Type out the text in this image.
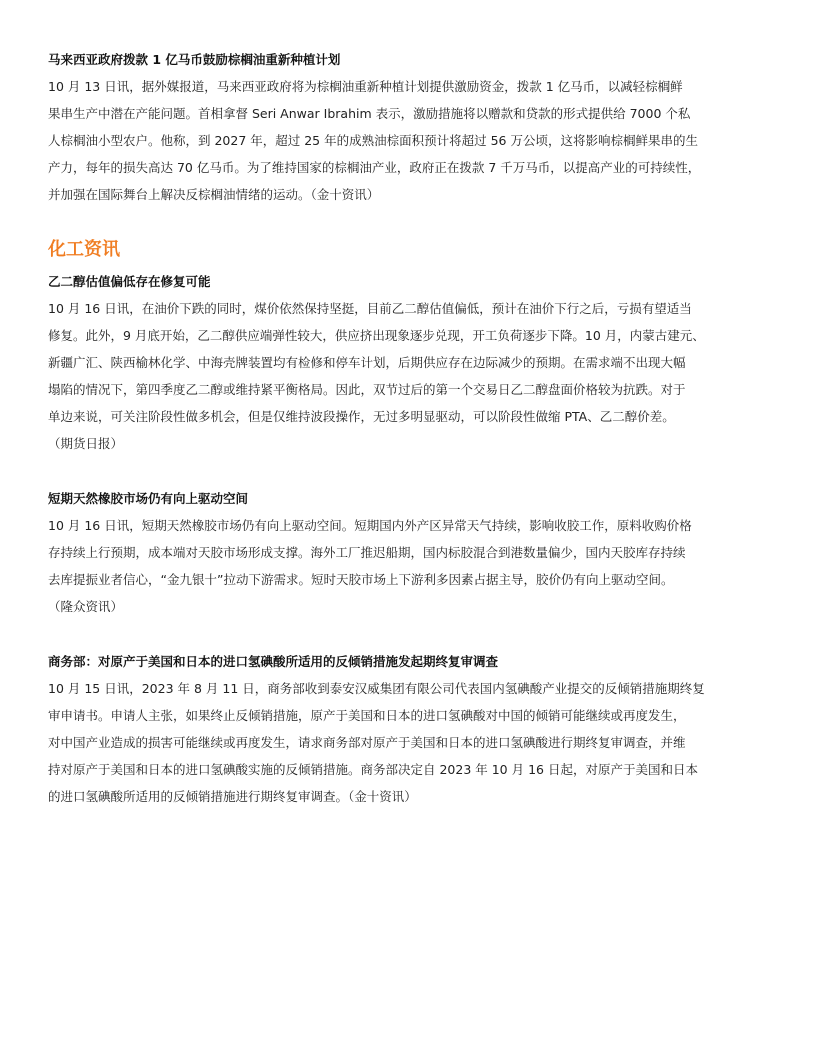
马来西亚政府拨款 1 亿马币鼓励棕榈油重新种植计划
10 月 13 日讯，据外媒报道，马来西亚政府将为棕榈油重新种植计划提供激励资金，拨款 1 亿马币，以减轻棕榈鲜
果串生产中潜在产能问题。首相拿督 Seri Anwar Ibrahim 表示，激励措施将以赠款和贷款的形式提供给 7000 个私
人棕榈油小型农户。他称，到 2027 年，超过 25 年的成熟油棕面积预计将超过 56 万公顷，这将影响棕榈鲜果串的生
产力，每年的损失高达 70 亿马币。为了维持国家的棕榈油产业，政府正在拨款 7 千万马币，以提高产业的可持续性，
并加强在国际舞台上解决反棕榈油情绪的运动。（金十资讯）
化工资讯
乙二醇估值偏低存在修复可能
10 月 16 日讯，在油价下跌的同时，煤价依然保持坚挺，目前乙二醇估值偏低，预计在油价下行之后，亏损有望适当
修复。此外，9 月底开始，乙二醇供应端弹性较大，供应挤出现象逐步兑现，开工负荷逐步下降。10 月，内蒙古建元、
新疆广汇、陕西榆林化学、中海壳牌装置均有检修和停车计划，后期供应存在边际减少的预期。在需求端不出现大幅
塌陷的情况下，第四季度乙二醇或维持紧平衡格局。因此，双节过后的第一个交易日乙二醇盘面价格较为抗跌。对于
单边来说，可关注阶段性做多机会，但是仅维持波段操作，无过多明显驱动，可以阶段性做缩 PTA、乙二醇价差。
（期货日报）
短期天然橡胶市场仍有向上驱动空间
10 月 16 日讯，短期天然橡胶市场仍有向上驱动空间。短期国内外产区异常天气持续，影响收胶工作，原料收购价格
存持续上行预期，成本端对天胶市场形成支撑。海外工厂推迟船期，国内标胶混合到港数量偏少，国内天胶库存持续
去库提振业者信心，“金九银十”拉动下游需求。短时天胶市场上下游利多因素占据主导，胶价仍有向上驱动空间。
（隆众资讯）
商务部：对原产于美国和日本的进口氢碘酸所适用的反倾销措施发起期终复审调查
10 月 15 日讯，2023 年 8 月 11 日，商务部收到泰安汉威集团有限公司代表国内氢碘酸产业提交的反倾销措施期终复
审申请书。申请人主张，如果终止反倾销措施，原产于美国和日本的进口氢碘酸对中国的倾销可能继续或再度发生，
对中国产业造成的损害可能继续或再度发生，请求商务部对原产于美国和日本的进口氢碘酸进行期终复审调查，并维
持对原产于美国和日本的进口氢碘酸实施的反倾销措施。商务部决定自 2023 年 10 月 16 日起，对原产于美国和日本
的进口氢碘酸所适用的反倾销措施进行期终复审调查。（金十资讯）
